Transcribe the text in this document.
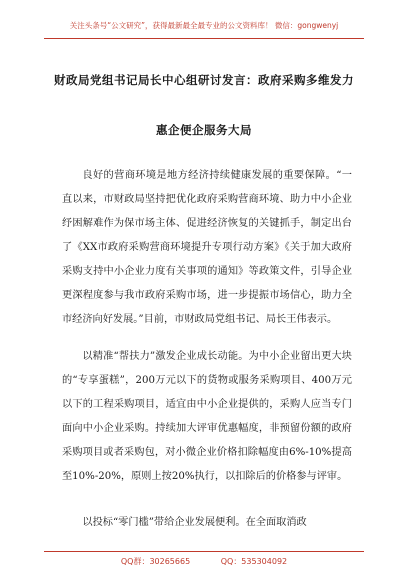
关注头条号“公文研究”，获得最新最全最专业的公文资料库！ 微信：gongwenyj
财政局党组书记局长中心组研讨发言：政府采购多维发力
惠企便企服务大局

良好的营商环境是地方经济持续健康发展的重要保障。“一直以来，市财政局坚持把优化政府采购营商环境、助力中小企业纾困解难作为保市场主体、促进经济恢复的关键抓手，制定出台了《XX市政府采购营商环境提升专项行动方案》《关于加大政府采购支持中小企业力度有关事项的通知》等政策文件，引导企业更深程度参与我市政府采购市场，进一步提振市场信心，助力全市经济向好发展。”目前，市财政局党组书记、局长王伟表示。

以精准“帮扶力”激发企业成长动能。为中小企业留出更大块的“专享蛋糕”，200万元以下的货物或服务采购项目、400万元以下的工程采购项目，适宜由中小企业提供的，采购人应当专门面向中小企业采购。持续加大评审优惠幅度，非预留份额的政府采购项目或者采购包，对小微企业价格扣除幅度由6%-10%提高至10%-20%，原则上按20%执行，以扣除后的价格参与评审。

以投标“零门槛”带给企业发展便利。在全面取消政

QQ群：30265665	QQ：535304092
